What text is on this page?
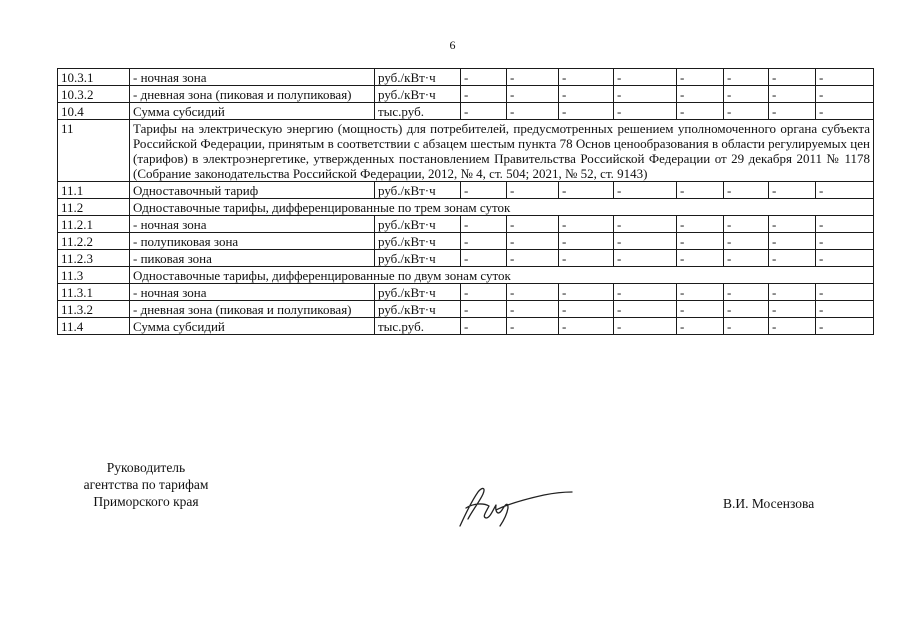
6
10.3.1	- ночная зона	руб./кВт·ч	-	-	-	-	-	-	-	-
10.3.2	- дневная зона (пиковая и полупиковая)	руб./кВт·ч	-	-	-	-	-	-	-	-
10.4	Сумма субсидий	тыс.руб.	-	-	-	-	-	-	-	-
11	Тарифы на электрическую энергию (мощность) для потребителей, предусмотренных решением уполномоченного органа субъекта Российской Федерации, принятым в соответствии с абзацем шестым пункта 78 Основ ценообразования в области регулируемых цен (тарифов) в электроэнергетике, утвержденных постановлением Правительства Российской Федерации от 29 декабря 2011 № 1178 (Собрание законодательства Российской Федерации, 2012, № 4, ст. 504; 2021, № 52, ст. 9143)									
11.1	Одноставочный тариф	руб./кВт·ч	-	-	-	-	-	-	-	-
11.2	Одноставочные тарифы, дифференцированные по трем зонам суток									
11.2.1	- ночная зона	руб./кВт·ч	-	-	-	-	-	-	-	-
11.2.2	- полупиковая зона	руб./кВт·ч	-	-	-	-	-	-	-	-
11.2.3	- пиковая зона	руб./кВт·ч	-	-	-	-	-	-	-	-
11.3	Одноставочные тарифы, дифференцированные по двум зонам суток									
11.3.1	- ночная зона	руб./кВт·ч	-	-	-	-	-	-	-	-
11.3.2	- дневная зона (пиковая и полупиковая)	руб./кВт·ч	-	-	-	-	-	-	-	-
11.4	Сумма субсидий	тыс.руб.	-	-	-	-	-	-	-	-
Руководитель
агентства по тарифам
Приморского края	В.И. Мосензова
